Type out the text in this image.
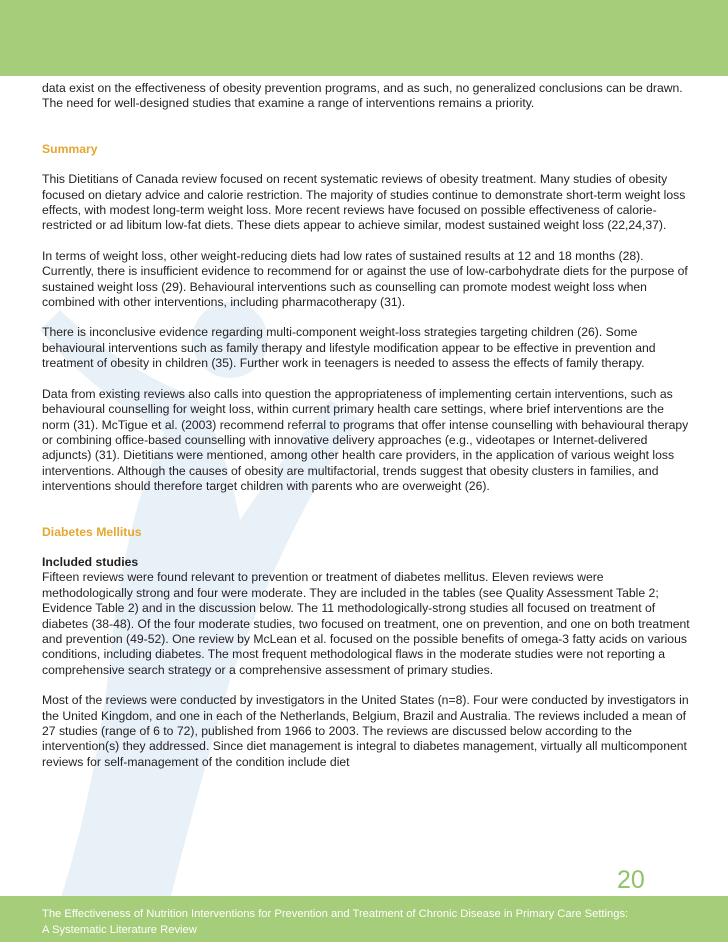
data exist on the effectiveness of obesity prevention programs, and as such, no generalized conclusions can be drawn. The need for well-designed studies that examine a range of interventions remains a priority.

Summary

This Dietitians of Canada review focused on recent systematic reviews of obesity treatment. Many studies of obesity focused on dietary advice and calorie restriction. The majority of studies continue to demonstrate short-term weight loss effects, with modest long-term weight loss. More recent reviews have focused on possible effectiveness of calorie-restricted or ad libitum low-fat diets. These diets appear to achieve similar, modest sustained weight loss (22,24,37).

In terms of weight loss, other weight-reducing diets had low rates of sustained results at 12 and 18 months (28). Currently, there is insufficient evidence to recommend for or against the use of low-carbohydrate diets for the purpose of sustained weight loss (29). Behavioural interventions such as counselling can promote modest weight loss when combined with other interventions, including pharmacotherapy (31).

There is inconclusive evidence regarding multi-component weight-loss strategies targeting children (26). Some behavioural interventions such as family therapy and lifestyle modification appear to be effective in prevention and treatment of obesity in children (35). Further work in teenagers is needed to assess the effects of family therapy.

Data from existing reviews also calls into question the appropriateness of implementing certain interventions, such as behavioural counselling for weight loss, within current primary health care settings, where brief interventions are the norm (31). McTigue et al. (2003) recommend referral to programs that offer intense counselling with behavioural therapy or combining office-based counselling with innovative delivery approaches (e.g., videotapes or Internet-delivered adjuncts) (31). Dietitians were mentioned, among other health care providers, in the application of various weight loss interventions. Although the causes of obesity are multifactorial, trends suggest that obesity clusters in families, and interventions should therefore target children with parents who are overweight (26).

Diabetes Mellitus

Included studies

Fifteen reviews were found relevant to prevention or treatment of diabetes mellitus. Eleven reviews were methodologically strong and four were moderate. They are included in the tables (see Quality Assessment Table 2; Evidence Table 2) and in the discussion below. The 11 methodologically-strong studies all focused on treatment of diabetes (38-48). Of the four moderate studies, two focused on treatment, one on prevention, and one on both treatment and prevention (49-52). One review by McLean et al. focused on the possible benefits of omega-3 fatty acids on various conditions, including diabetes. The most frequent methodological flaws in the moderate studies were not reporting a comprehensive search strategy or a comprehensive assessment of primary studies.

Most of the reviews were conducted by investigators in the United States (n=8). Four were conducted by investigators in the United Kingdom, and one in each of the Netherlands, Belgium, Brazil and Australia. The reviews included a mean of 27 studies (range of 6 to 72), published from 1966 to 2003. The reviews are discussed below according to the intervention(s) they addressed. Since diet management is integral to diabetes management, virtually all multicomponent reviews for self-management of the condition include diet

20
The Effectiveness of Nutrition Interventions for Prevention and Treatment of Chronic Disease in Primary Care Settings:
A Systematic Literature Review
